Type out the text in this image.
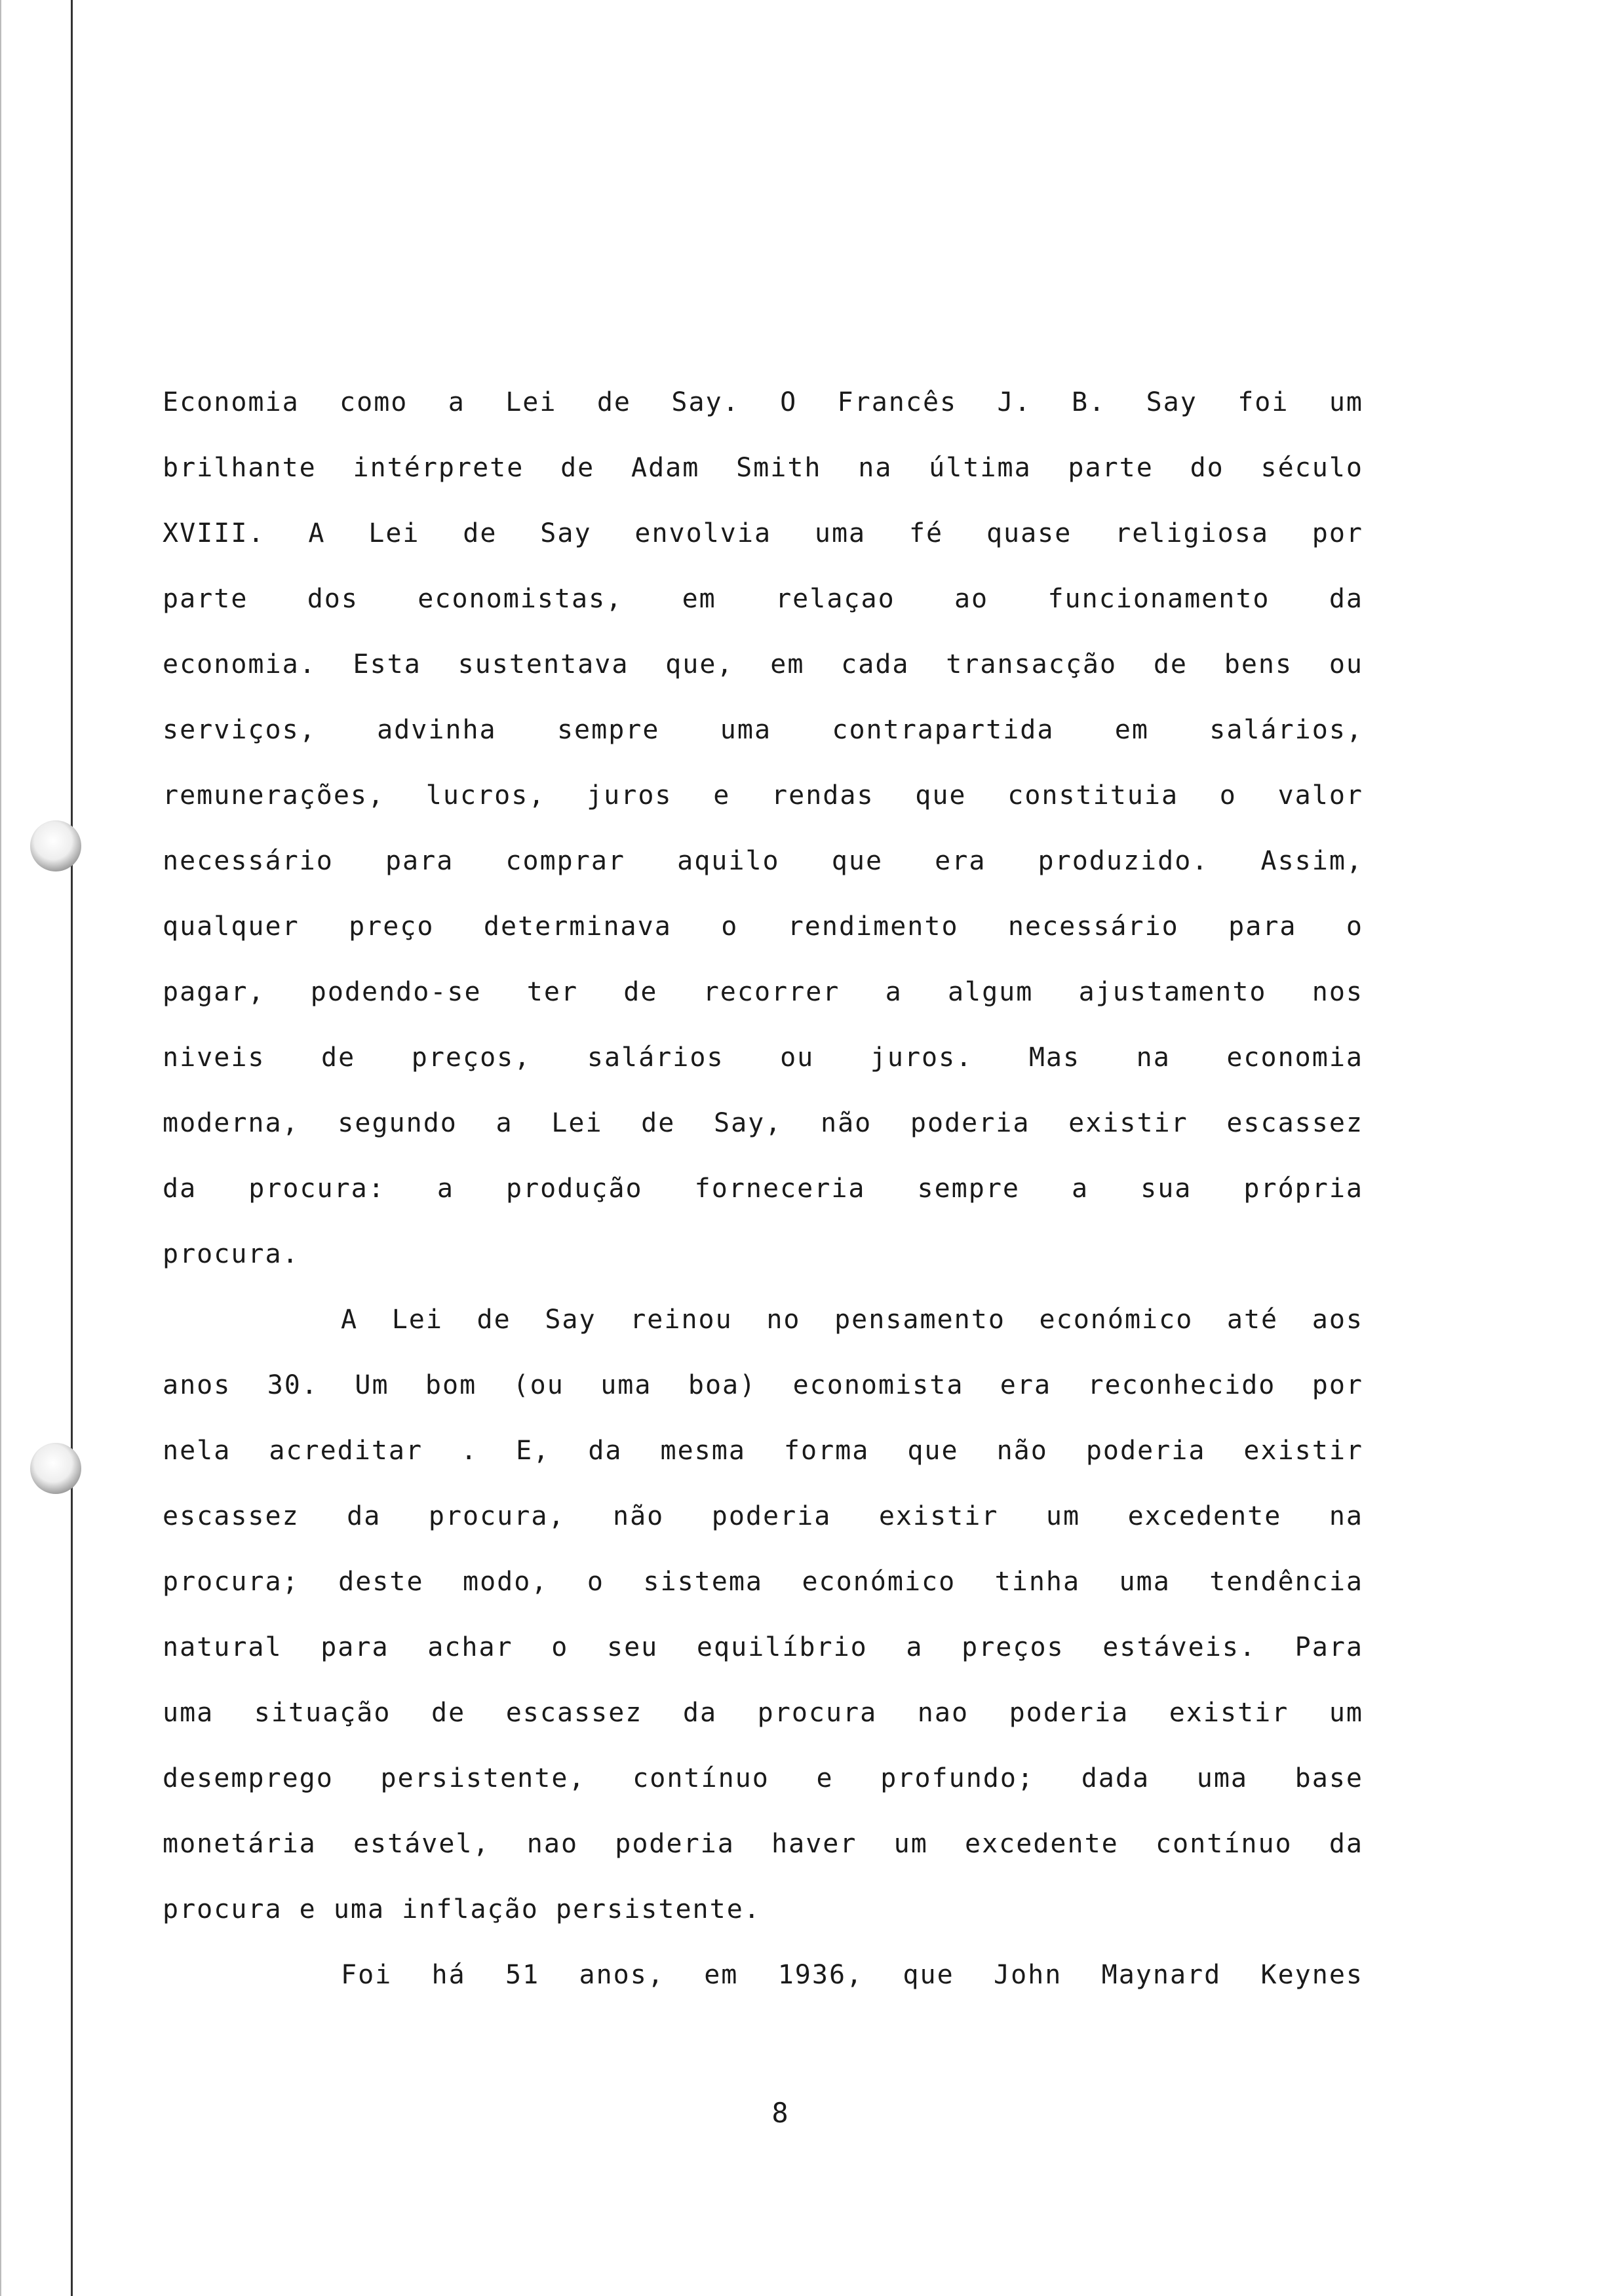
Economia como a Lei de Say. O Francês J. B. Say foi um
brilhante intérprete de Adam Smith na última parte do século
XVIII. A Lei de Say envolvia uma fé quase religiosa por
parte dos economistas, em relaçao ao funcionamento da
economia. Esta sustentava que, em cada transacção de bens ou
serviços, advinha sempre uma contrapartida em salários,
remunerações, lucros, juros e rendas que constituia o valor
necessário para comprar aquilo que era produzido. Assim,
qualquer preço determinava o rendimento necessário para o
pagar, podendo-se ter de recorrer a algum ajustamento nos
niveis de preços, salários ou juros. Mas na economia
moderna, segundo a Lei de Say, não poderia existir escassez
da procura: a produção forneceria sempre a sua própria
procura.
A Lei de Say reinou no pensamento económico até aos
anos 30. Um bom (ou uma boa) economista era reconhecido por
nela acreditar . E, da mesma forma que não poderia existir
escassez da procura, não poderia existir um excedente na
procura; deste modo, o sistema económico tinha uma tendência
natural para achar o seu equilíbrio a preços estáveis. Para
uma situação de escassez da procura nao poderia existir um
desemprego persistente, contínuo e profundo; dada uma base
monetária estável, nao poderia haver um excedente contínuo da
procura e uma inflação persistente.
Foi há 51 anos, em 1936, que John Maynard Keynes
8
